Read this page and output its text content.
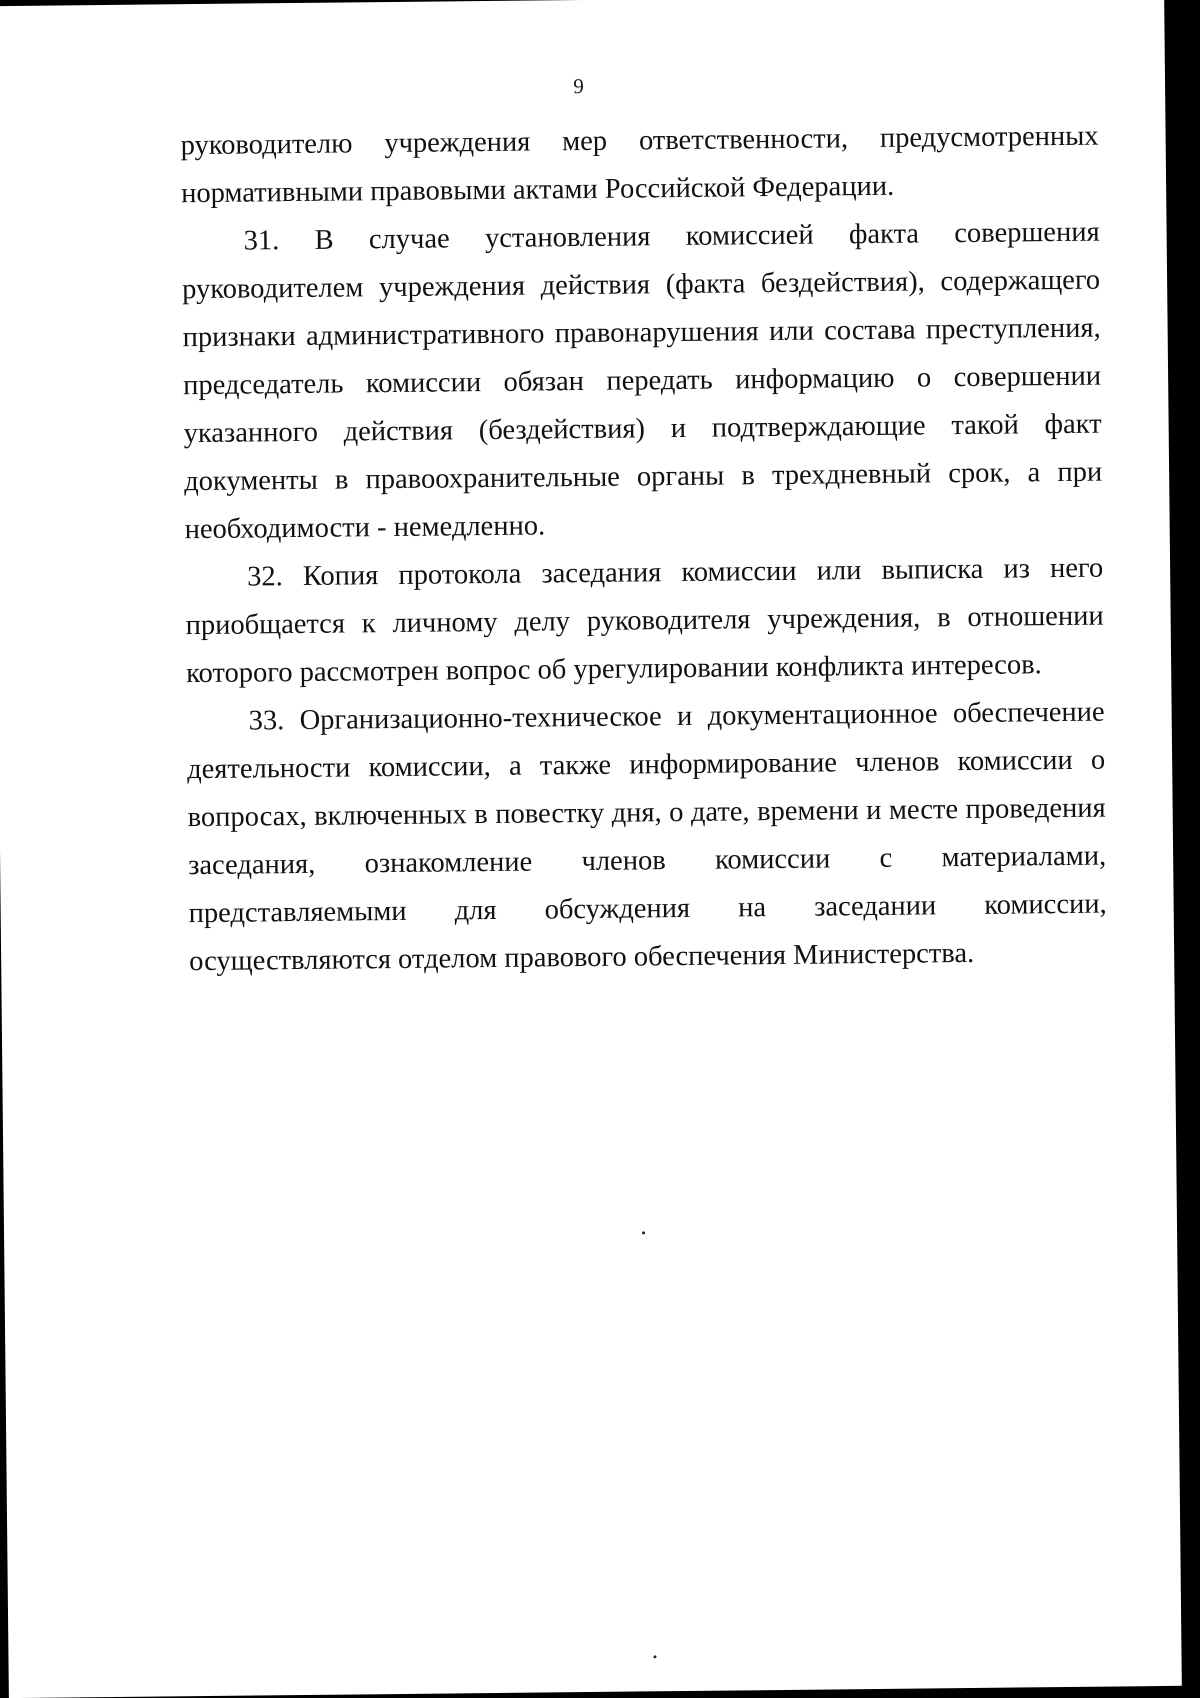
9

руководителю учреждения мер ответственности, предусмотренных нормативными правовыми актами Российской Федерации.

31. В случае установления комиссией факта совершения руководителем учреждения действия (факта бездействия), содержащего признаки административного правонарушения или состава преступления, председатель комиссии обязан передать информацию о совершении указанного действия (бездействия) и подтверждающие такой факт документы в правоохранительные органы в трехдневный срок, а при необходимости - немедленно.

32. Копия протокола заседания комиссии или выписка из него приобщается к личному делу руководителя учреждения, в отношении которого рассмотрен вопрос об урегулировании конфликта интересов.

33. Организационно-техническое и документационное обеспечение деятельности комиссии, а также информирование членов комиссии о вопросах, включенных в повестку дня, о дате, времени и месте проведения заседания, ознакомление членов комиссии с материалами, представляемыми для обсуждения на заседании комиссии, осуществляются отделом правового обеспечения Министерства.
